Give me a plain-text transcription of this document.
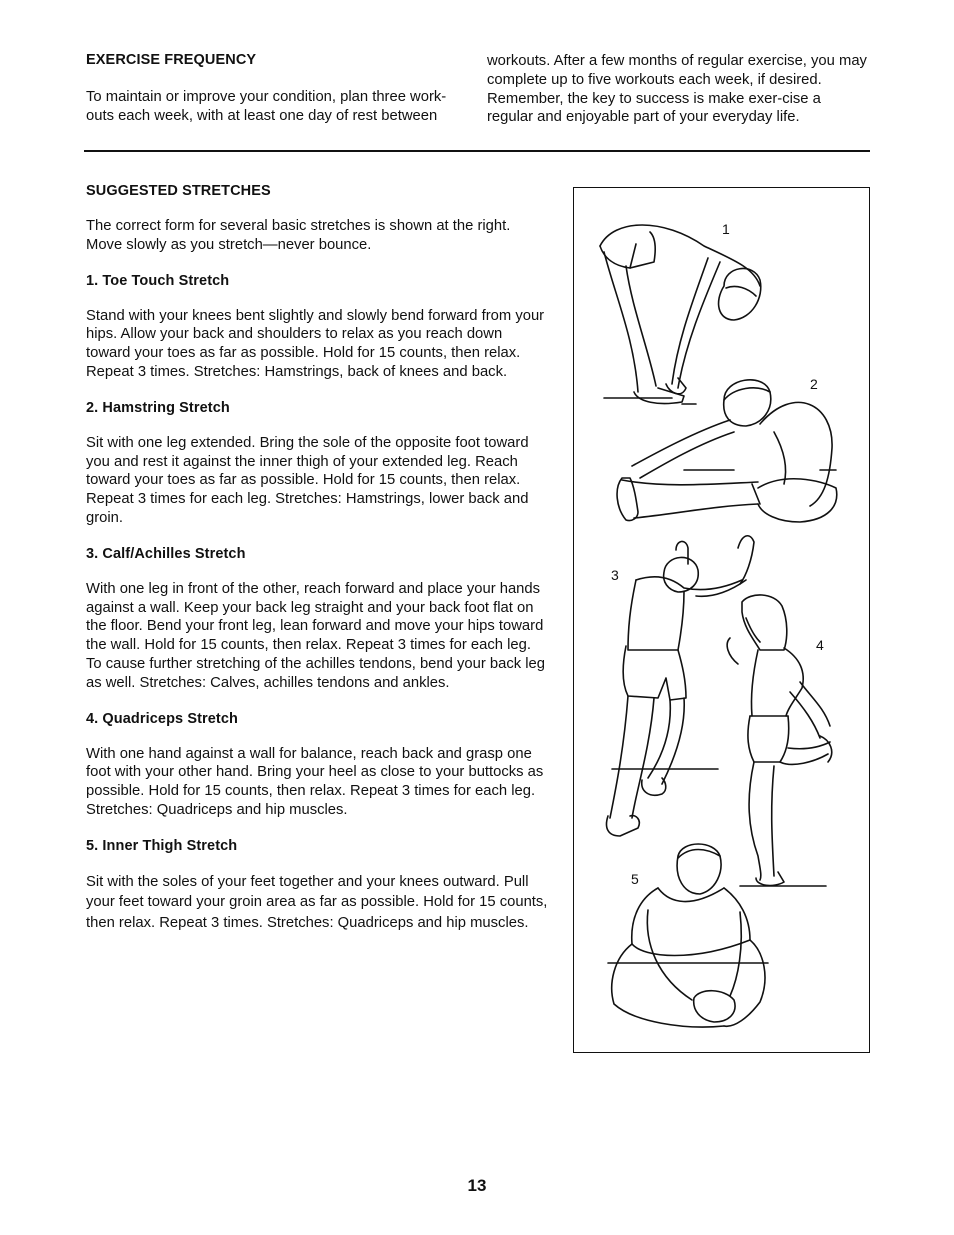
EXERCISE FREQUENCY

To maintain or improve your condition, plan three work-outs each week, with at least one day of rest between

workouts. After a few months of regular exercise, you may complete up to five workouts each week, if desired. Remember, the key to success is make exer-cise a regular and enjoyable part of your everyday life.

SUGGESTED STRETCHES

The correct form for several basic stretches is shown at the right. Move slowly as you stretch—never bounce.

1. Toe Touch Stretch

Stand with your knees bent slightly and slowly bend forward from your hips. Allow your back and shoulders to relax as you reach down toward your toes as far as possible. Hold for 15 counts, then relax. Repeat 3 times. Stretches: Hamstrings, back of knees and back.

2. Hamstring Stretch

Sit with one leg extended. Bring the sole of the opposite foot toward you and rest it against the inner thigh of your extended leg. Reach toward your toes as far as possible. Hold for 15 counts, then relax. Repeat 3 times for each leg. Stretches: Hamstrings, lower back and groin.

3. Calf/Achilles Stretch

With one leg in front of the other, reach forward and place your hands against a wall. Keep your back leg straight and your back foot flat on the floor. Bend your front leg, lean forward and move your hips toward the wall. Hold for 15 counts, then relax. Repeat 3 times for each leg. To cause further stretching of the achilles tendons, bend your back leg as well. Stretches: Calves, achilles tendons and ankles.

4. Quadriceps Stretch

With one hand against a wall for balance, reach back and grasp one foot with your other hand. Bring your heel as close to your buttocks as possible. Hold for 15 counts, then relax. Repeat 3 times for each leg. Stretches: Quadriceps and hip muscles.

5. Inner Thigh Stretch

Sit with the soles of your feet together and your knees outward. Pull your feet toward your groin area as far as possible. Hold for 15 counts, then relax. Repeat 3 times. Stretches: Quadriceps and hip muscles.

1
2
3
4
5
13
